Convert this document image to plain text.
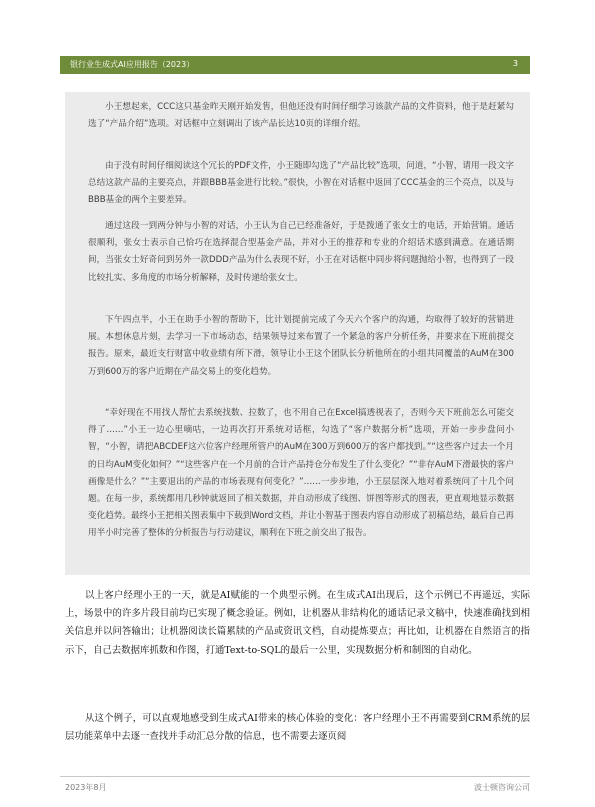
银行业生成式AI应用报告（2023）	3

小王想起来，CCC这只基金昨天刚开始发售，但他还没有时间仔细学习该款产品的文件资料，他于是赶紧勾选了“产品介绍”选项。对话框中立刻调出了该产品长达10页的详细介绍。

由于没有时间仔细阅读这个冗长的PDF文件，小王随即勾选了“产品比较”选项，问道，“小智，请用一段文字总结这款产品的主要亮点，并跟BBB基金进行比较。”很快，小智在对话框中返回了CCC基金的三个亮点，以及与BBB基金的两个主要差异。

通过这段一到两分钟与小智的对话，小王认为自己已经准备好，于是拨通了张女士的电话，开始营销。通话很顺利，张女士表示自己恰巧在选择混合型基金产品，并对小王的推荐和专业的介绍话术感到满意。在通话期间，当张女士好奇问到另外一款DDD产品为什么表现不好，小王在对话框中同步将问题抛给小智，也得到了一段比较扎实、多角度的市场分析解释，及时传递给张女士。

下午四点半，小王在助手小智的帮助下，比计划提前完成了今天六个客户的沟通，均取得了较好的营销进展。本想休息片刻，去学习一下市场动态，结果领导过来布置了一个紧急的客户分析任务，并要求在下班前提交报告。原来，最近支行财富中收业绩有所下滑，领导让小王这个团队长分析他所在的小组共同覆盖的AuM在300万到600万的客户近期在产品交易上的变化趋势。

“幸好现在不用找人帮忙去系统找数、拉数了，也不用自己在Excel搞透视表了，否则今天下班前怎么可能交得了……”小王一边心里嘀咕，一边再次打开系统对话框，勾选了“客户数据分析”选项，开始一步步盘问小智，“小智，请把ABCDEF这六位客户经理所管户的AuM在300万到600万的客户都找到。”“这些客户过去一个月的日均AuM变化如何？”“这些客户在一个月前的合计产品持仓分布发生了什么变化？”“非存AuM下滑最快的客户画像是什么？”“主要退出的产品的市场表现有何变化？”……一步步地，小王层层深入地对着系统问了十几个问题。在每一步，系统都用几秒钟就返回了相关数据，并自动形成了线图、饼图等形式的图表，更直观地显示数据变化趋势。最终小王把相关图表集中下载到Word文档，并让小智基于图表内容自动形成了初稿总结，最后自己再用半小时完善了整体的分析报告与行动建议，顺利在下班之前交出了报告。

以上客户经理小王的一天，就是AI赋能的一个典型示例。在生成式AI出现后，这个示例已不再遥远，实际上，场景中的许多片段目前均已实现了概念验证。例如，让机器从非结构化的通话记录文稿中，快速准确找到相关信息并以问答输出；让机器阅读长篇累牍的产品或资讯文档，自动提炼要点；再比如，让机器在自然语言的指示下，自己去数据库抓数和作图，打通Text-to-SQL的最后一公里，实现数据分析和制图的自动化。

从这个例子，可以直观地感受到生成式AI带来的核心体验的变化：客户经理小王不再需要到CRM系统的层层功能菜单中去逐一查找并手动汇总分散的信息，也不需要去逐页阅

2023年8月	波士顿咨询公司
